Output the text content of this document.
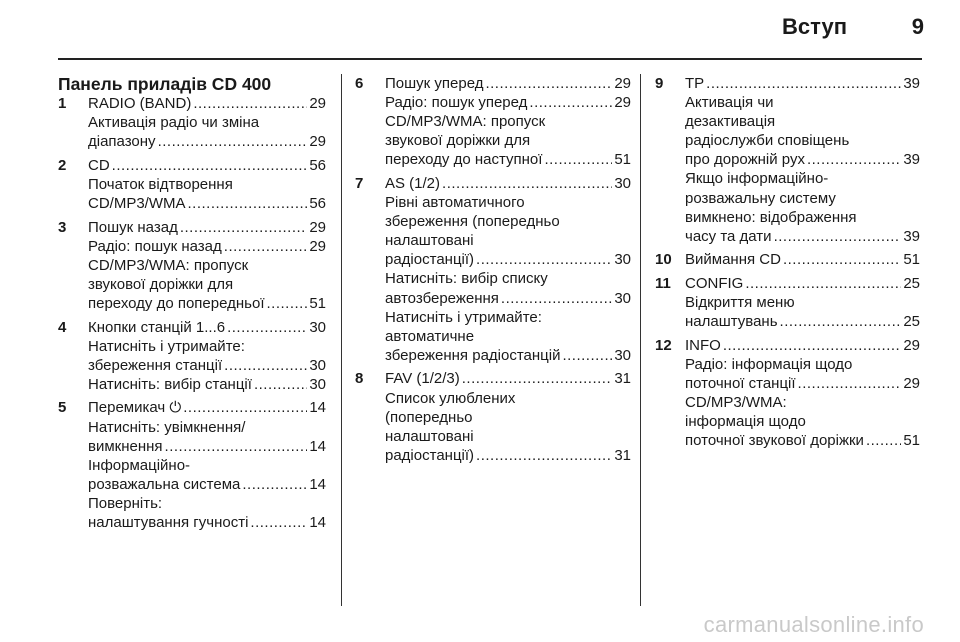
Вступ	9
Панель приладів CD 400
1	RADIO (BAND) .....	29
Активація радіо чи зміна
діапазону .....	29
2	CD .....	56
Початок відтворення
CD/MP3/WMA .....	56
3	Пошук назад .....	29
Радіо: пошук назад .....	29
CD/MP3/WMA: пропуск
звукової доріжки для
переходу до попередньої .....	51
4	Кнопки станцій 1...6 .....	30
Натисніть і утримайте:
збереження станції .....	30
Натисніть: вибір станції .....	30
5	Перемикач ⏻ .....	14
Натисніть: увімкнення/
вимкнення .....	14
Інформаційно-
розважальна система .....	14
Поверніть:
налаштування гучності .....	14
6	Пошук уперед .....	29
Радіо: пошук уперед .....	29
CD/MP3/WMA: пропуск
звукової доріжки для
переходу до наступної .....	51
7	AS (1/2) .....	30
Рівні автоматичного
збереження (попередньо
налаштовані
радіостанції) .....	30
Натисніть: вибір списку
автозбереження .....	30
Натисніть і утримайте:
автоматичне
збереження радіостанцій .....	30
8	FAV (1/2/3) .....	31
Список улюблених
(попередньо
налаштовані
радіостанції) .....	31
9	TP .....	39
Активація чи
дезактивація
радіослужби сповіщень
про дорожній рух .....	39
Якщо інформаційно-
розважальну систему
вимкнено: відображення
часу та дати .....	39
10 Виймання CD .....	51
11 CONFIG .....	25
Відкриття меню
налаштувань .....	25
12 INFO .....	29
Радіо: інформація щодо
поточної станції .....	29
CD/MP3/WMA:
інформація щодо
поточної звукової доріжки .....	51
carmanualsonline.info
